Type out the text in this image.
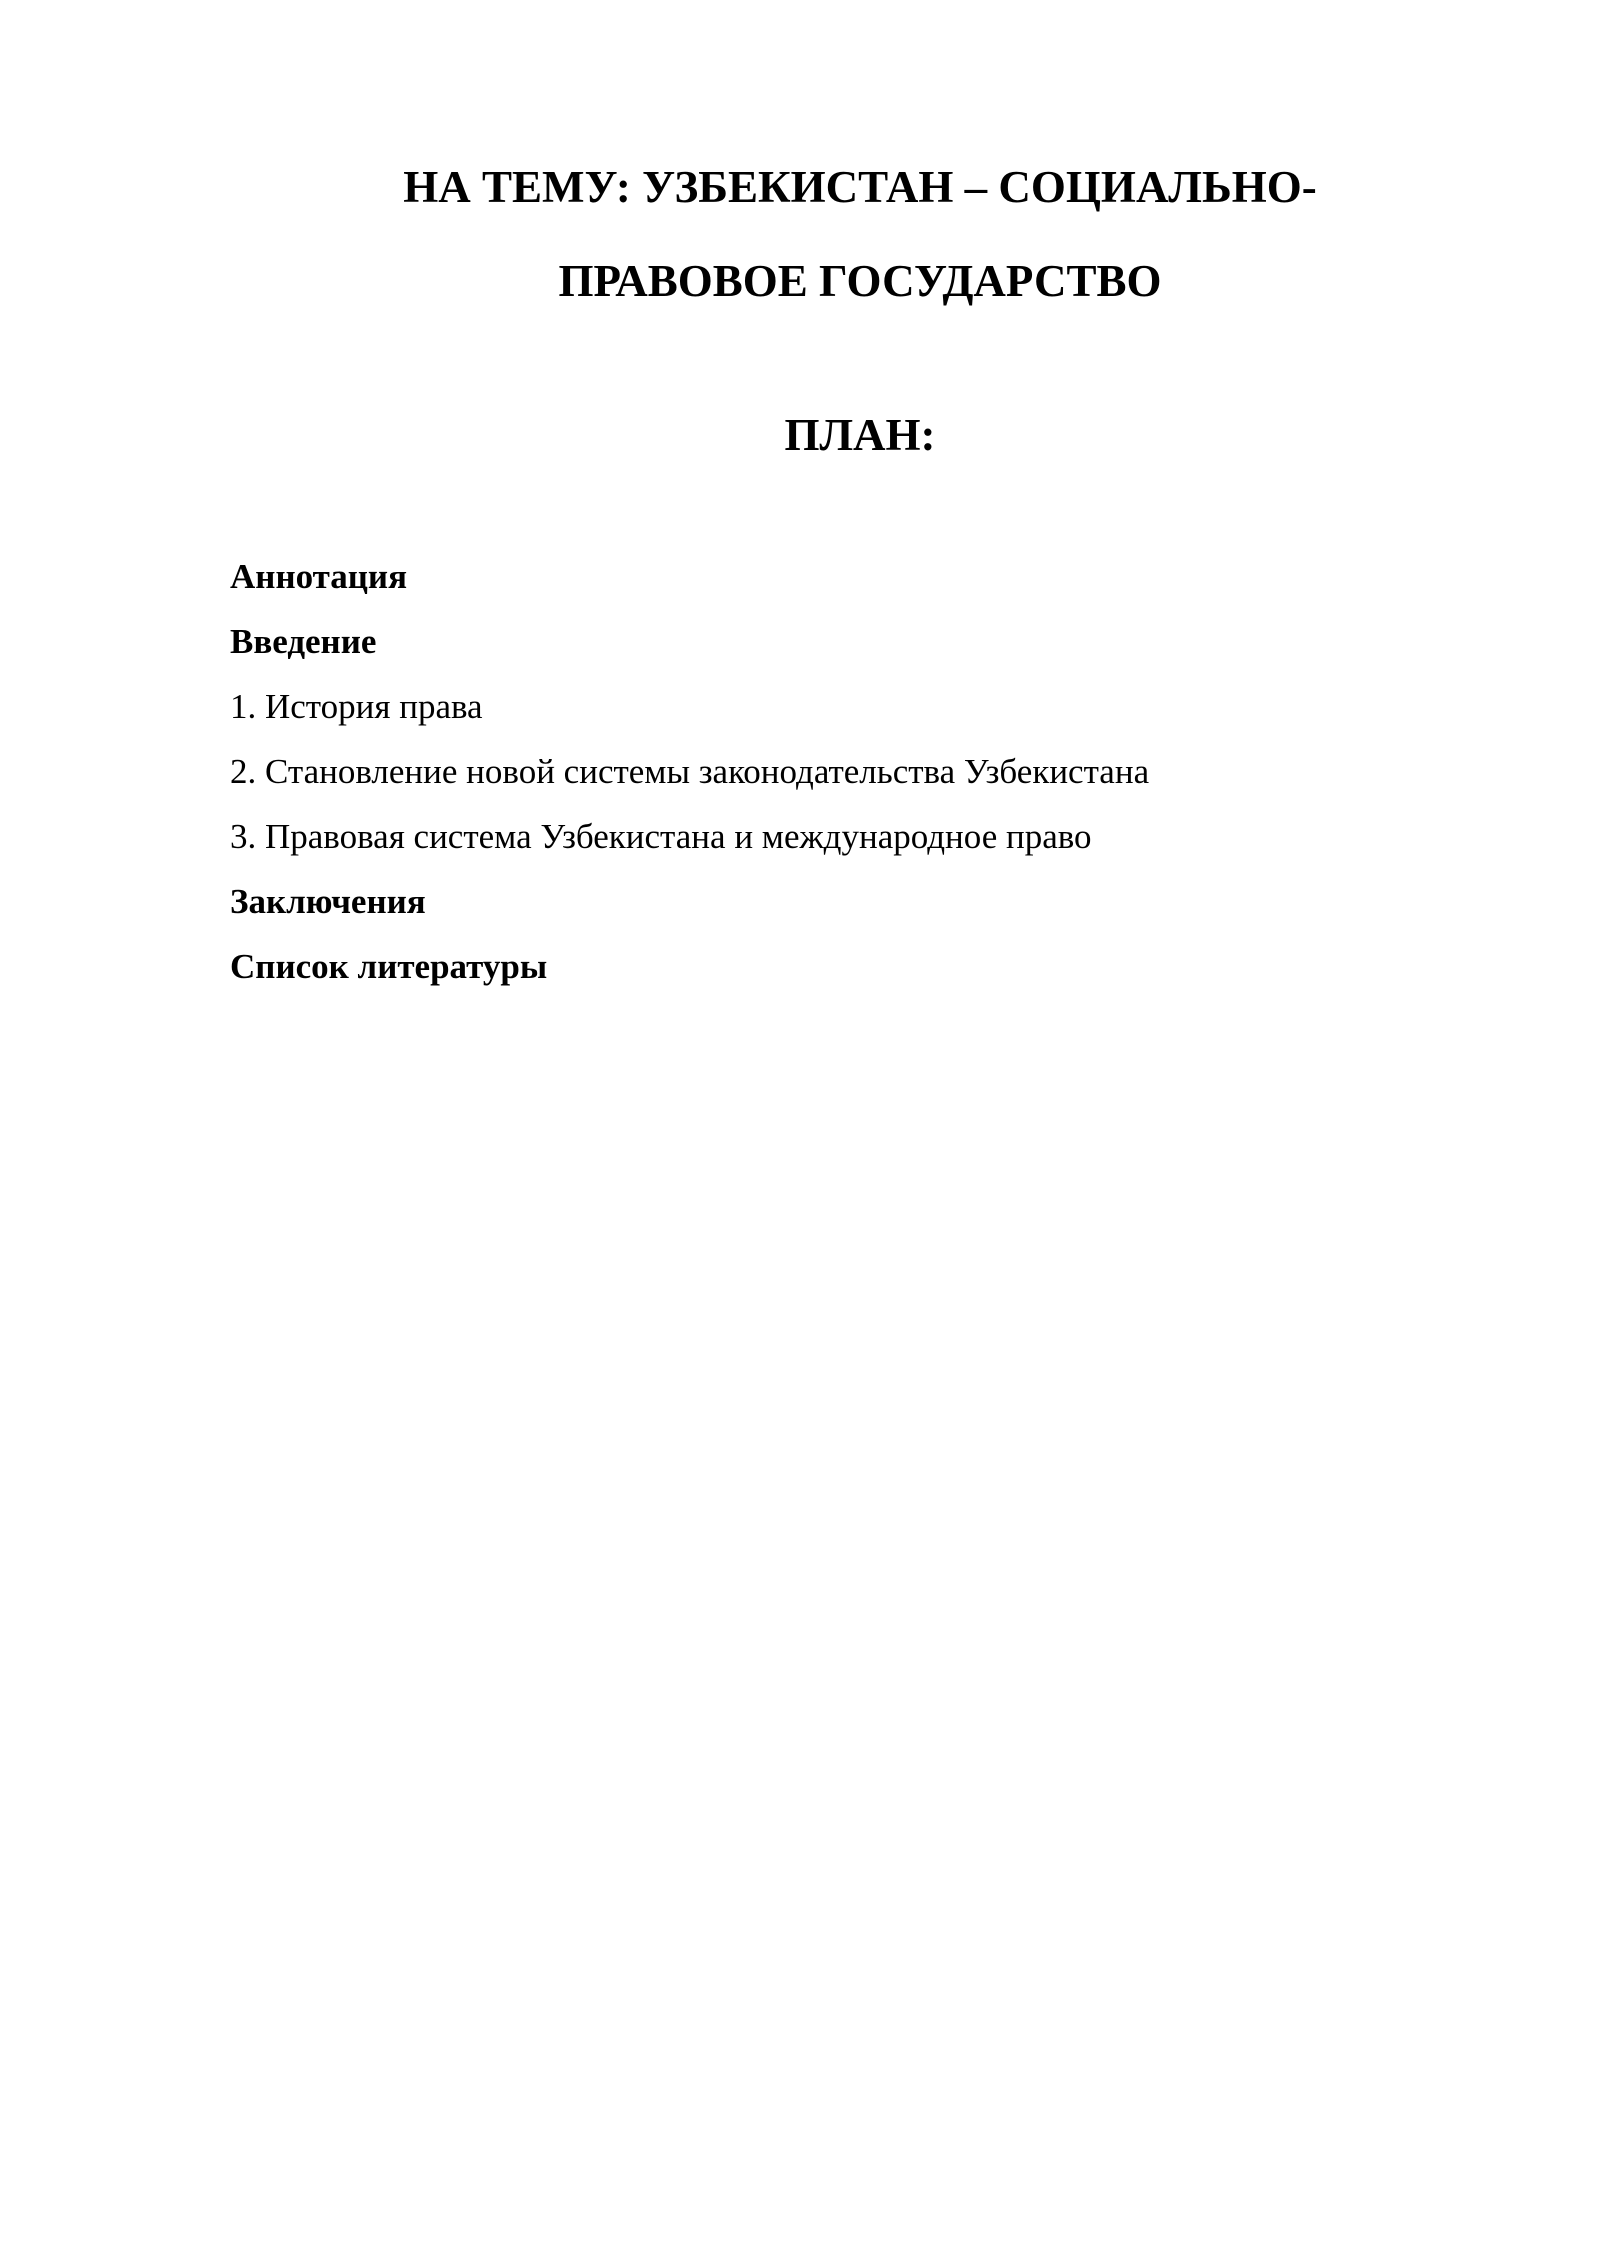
НА ТЕМУ: УЗБЕКИСТАН – СОЦИАЛЬНО-

ПРАВОВОЕ ГОСУДАРСТВО

ПЛАН:

Аннотация
Введение
1. История права
2. Становление новой системы законодательства Узбекистана
3. Правовая система Узбекистана и международное право
Заключения
Список литературы
